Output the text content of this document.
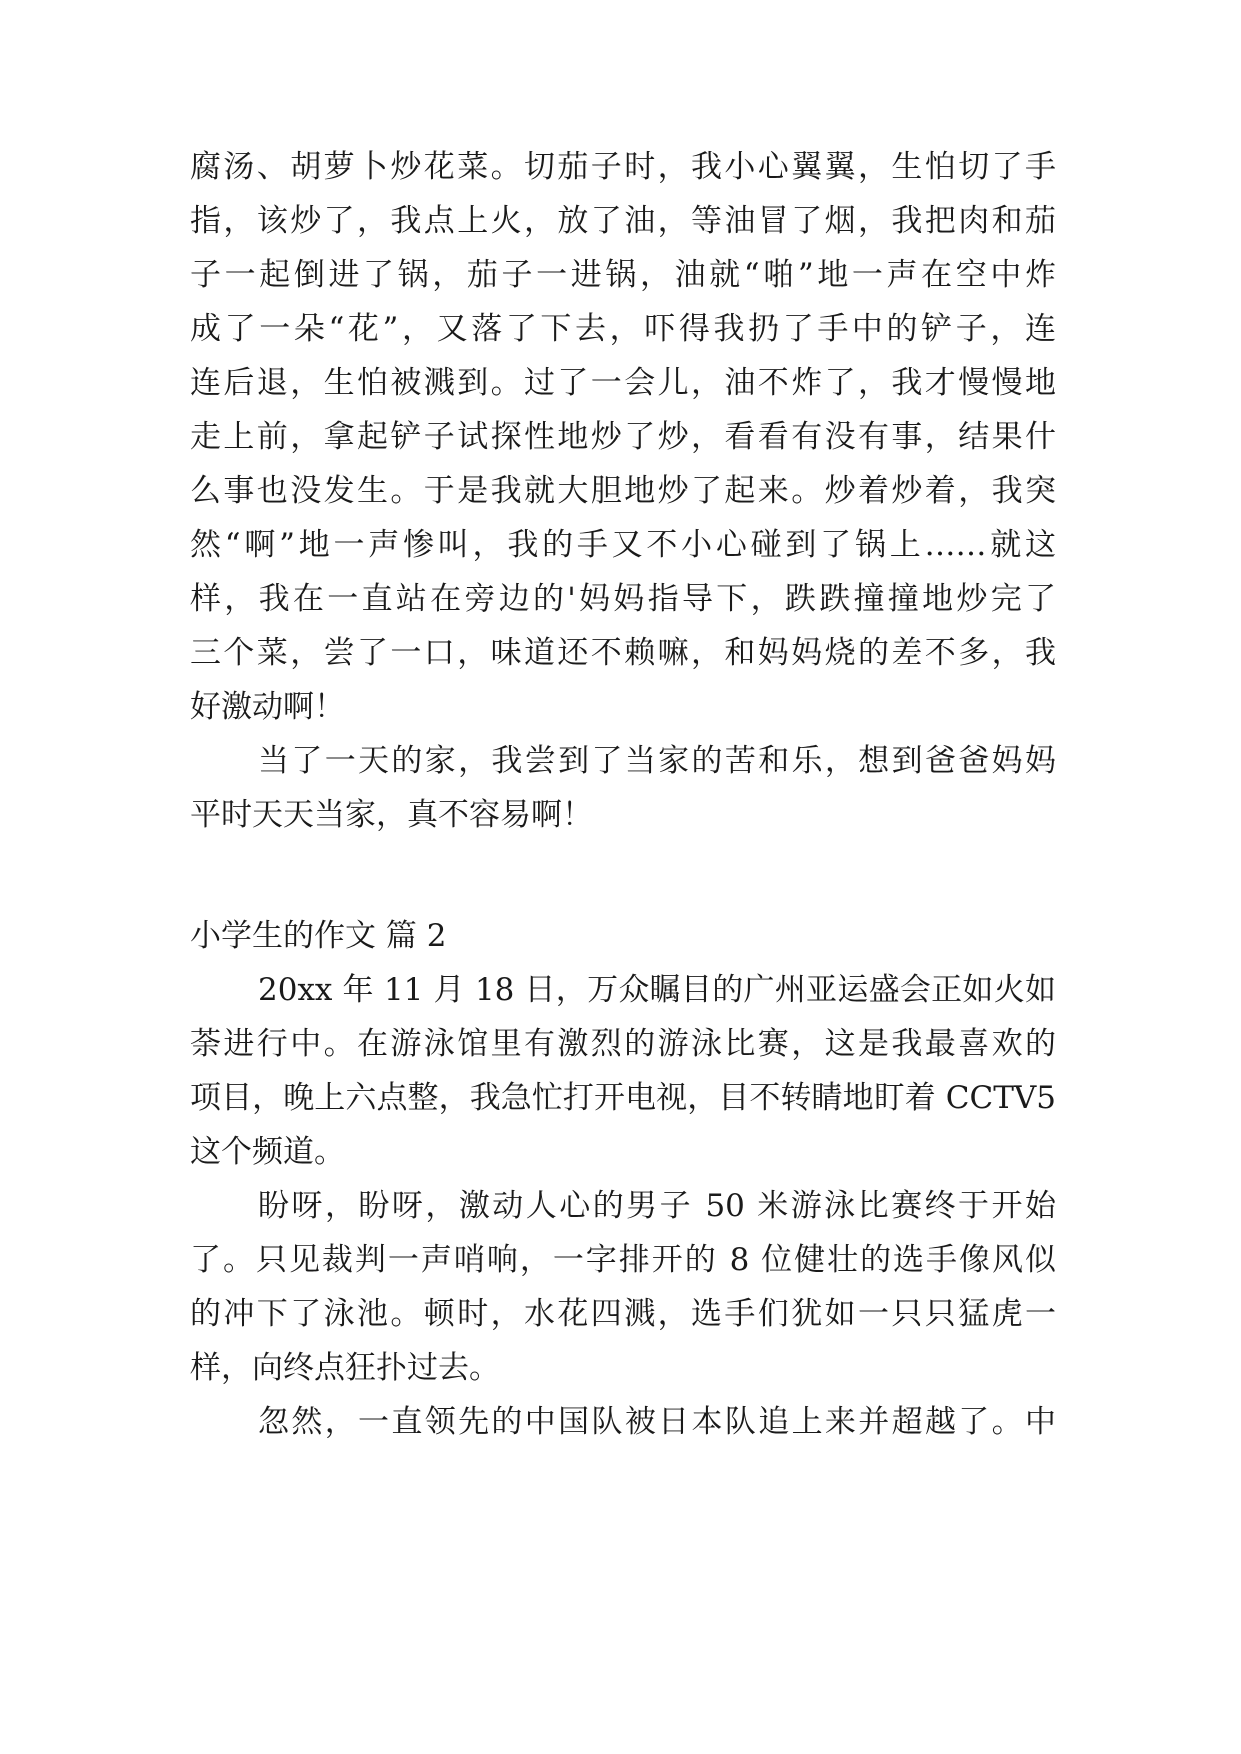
腐汤、胡萝卜炒花菜。切茄子时，我小心翼翼，生怕切了手
指，该炒了，我点上火，放了油，等油冒了烟，我把肉和茄
子一起倒进了锅，茄子一进锅，油就“啪”地一声在空中炸
成了一朵“花”，又落了下去，吓得我扔了手中的铲子，连
连后退，生怕被溅到。过了一会儿，油不炸了，我才慢慢地
走上前，拿起铲子试探性地炒了炒，看看有没有事，结果什
么事也没发生。于是我就大胆地炒了起来。炒着炒着，我突
然“啊”地一声惨叫，我的手又不小心碰到了锅上……就这
样，我在一直站在旁边的'妈妈指导下，跌跌撞撞地炒完了
三个菜，尝了一口，味道还不赖嘛，和妈妈烧的差不多，我
好激动啊！
当了一天的家，我尝到了当家的苦和乐，想到爸爸妈妈
平时天天当家，真不容易啊！
小学生的作文 篇 2
20xx 年 11 月 18 日，万众瞩目的广州亚运盛会正如火如
荼进行中。在游泳馆里有激烈的游泳比赛，这是我最喜欢的
项目，晚上六点整，我急忙打开电视，目不转睛地盯着 CCTV5
这个频道。
盼呀，盼呀，激动人心的男子 50 米游泳比赛终于开始
了。只见裁判一声哨响，一字排开的 8 位健壮的选手像风似
的冲下了泳池。顿时，水花四溅，选手们犹如一只只猛虎一
样，向终点狂扑过去。
忽然，一直领先的中国队被日本队追上来并超越了。中
